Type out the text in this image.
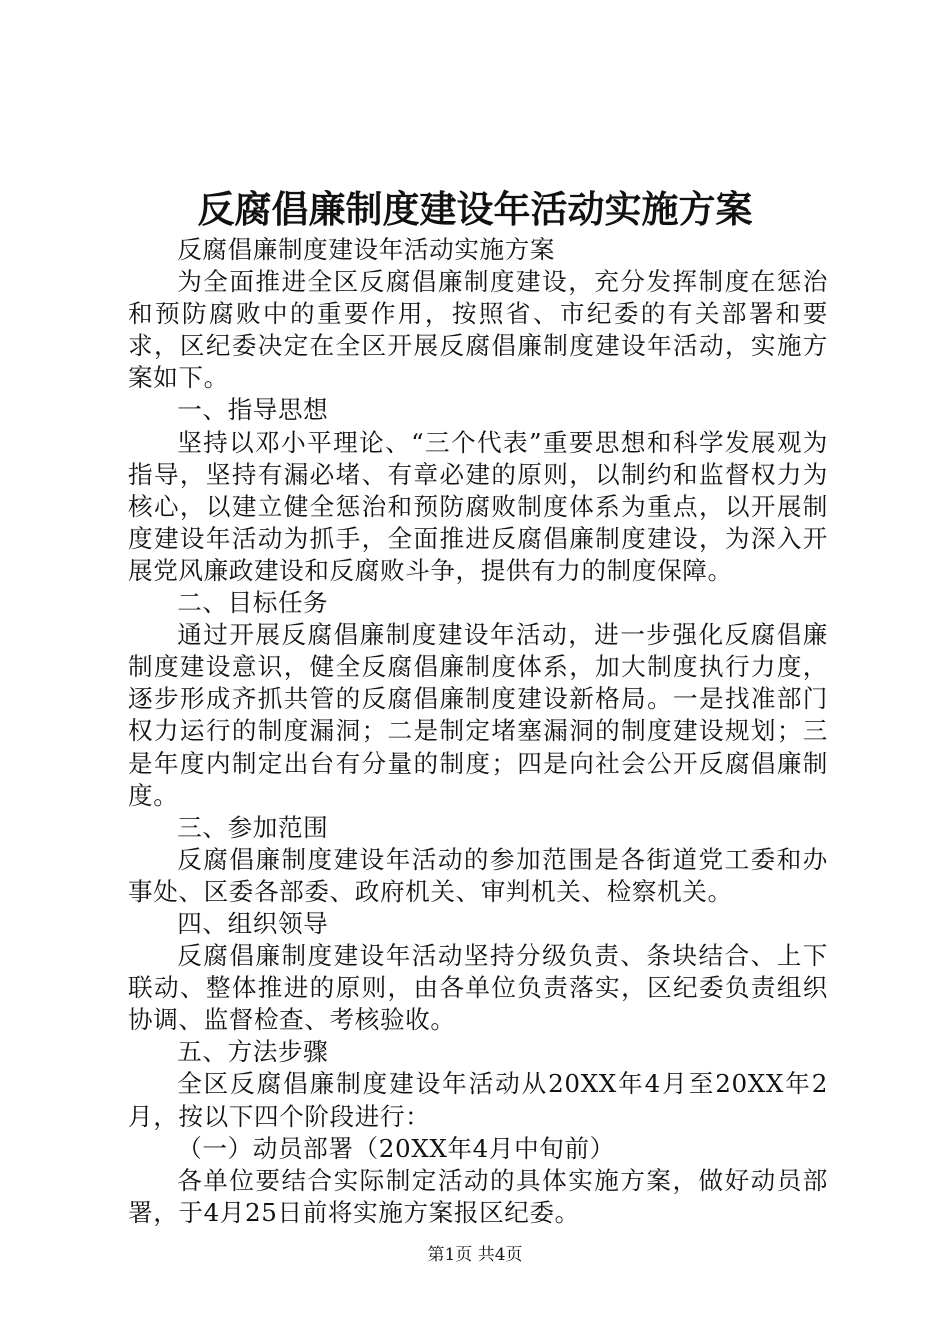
反腐倡廉制度建设年活动实施方案

反腐倡廉制度建设年活动实施方案

为全面推进全区反腐倡廉制度建设，充分发挥制度在惩治和预防腐败中的重要作用，按照省、市纪委的有关部署和要求，区纪委决定在全区开展反腐倡廉制度建设年活动，实施方案如下。

一、指导思想

坚持以邓小平理论、“三个代表”重要思想和科学发展观为指导，坚持有漏必堵、有章必建的原则，以制约和监督权力为核心，以建立健全惩治和预防腐败制度体系为重点，以开展制度建设年活动为抓手，全面推进反腐倡廉制度建设，为深入开展党风廉政建设和反腐败斗争，提供有力的制度保障。

二、目标任务

通过开展反腐倡廉制度建设年活动，进一步强化反腐倡廉制度建设意识，健全反腐倡廉制度体系，加大制度执行力度，逐步形成齐抓共管的反腐倡廉制度建设新格局。一是找准部门权力运行的制度漏洞；二是制定堵塞漏洞的制度建设规划；三是年度内制定出台有分量的制度；四是向社会公开反腐倡廉制度。

三、参加范围

反腐倡廉制度建设年活动的参加范围是各街道党工委和办事处、区委各部委、政府机关、审判机关、检察机关。

四、组织领导

反腐倡廉制度建设年活动坚持分级负责、条块结合、上下联动、整体推进的原则，由各单位负责落实，区纪委负责组织协调、监督检查、考核验收。

五、方法步骤

全区反腐倡廉制度建设年活动从20XX年4月至20XX年2月，按以下四个阶段进行：

（一）动员部署（20XX年4月中旬前）

各单位要结合实际制定活动的具体实施方案，做好动员部署，于4月25日前将实施方案报区纪委。

第1页 共4页
